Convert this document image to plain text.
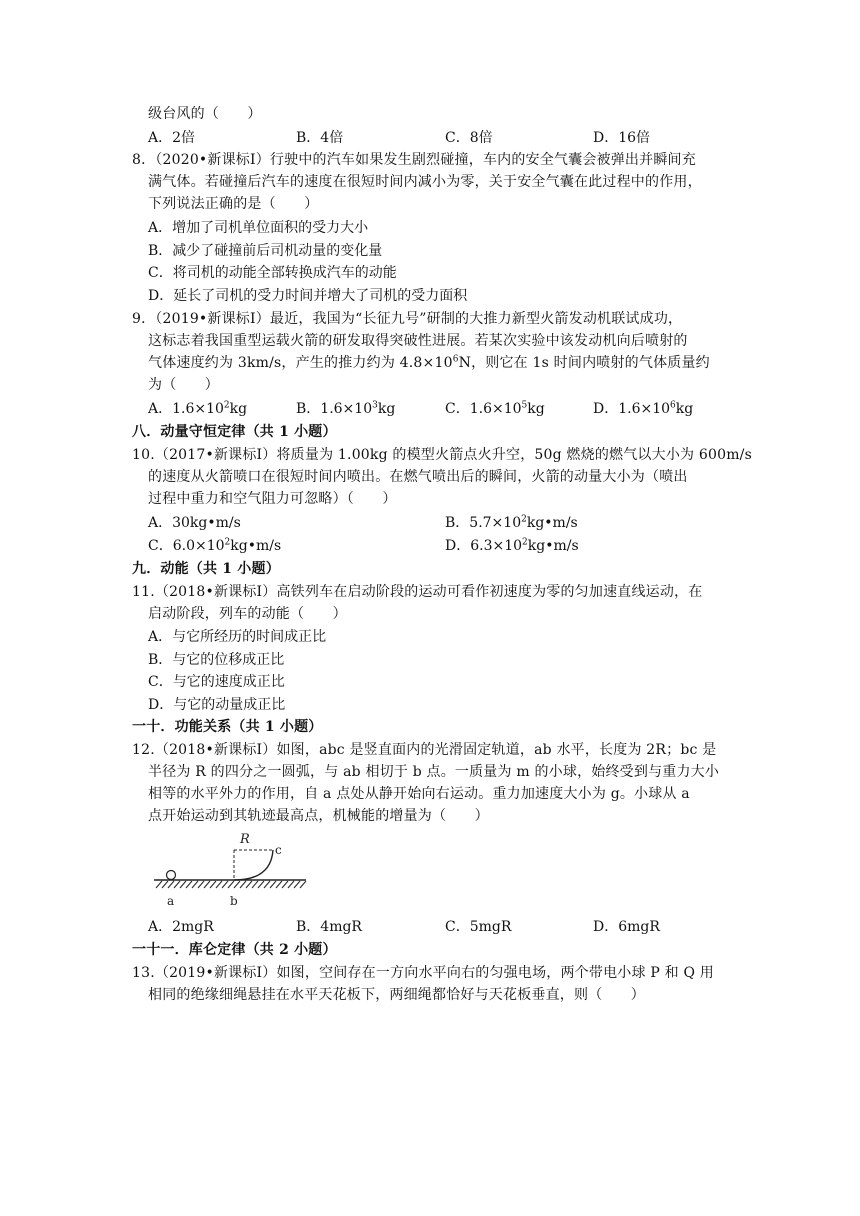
级台风的（　　）
A．2倍	B．4倍	C．8倍	D．16倍
8．（2020•新课标Ⅰ）行驶中的汽车如果发生剧烈碰撞，车内的安全气囊会被弹出并瞬间充
满气体。若碰撞后汽车的速度在很短时间内减小为零，关于安全气囊在此过程中的作用，
下列说法正确的是（　　）
A．增加了司机单位面积的受力大小
B．减少了碰撞前后司机动量的变化量
C．将司机的动能全部转换成汽车的动能
D．延长了司机的受力时间并增大了司机的受力面积
9．（2019•新课标Ⅰ）最近，我国为“长征九号”研制的大推力新型火箭发动机联试成功，
这标志着我国重型运载火箭的研发取得突破性进展。若某次实验中该发动机向后喷射的
气体速度约为 3km/s，产生的推力约为 $4.8\times 10^6N$，则它在 1s 时间内喷射的气体质量约
为（　　）
A．$1.6\times 10^2kg$	B．$1.6\times 10^3kg$	C．$1.6\times 10^5kg$	D．$1.6\times 10^6kg$
八．动量守恒定律（共 1 小题）
10.（2017•新课标Ⅰ）将质量为 1.00kg 的模型火箭点火升空，50g 燃烧的燃气以大小为 600m/s
的速度从火箭喷口在很短时间内喷出。在燃气喷出后的瞬间，火箭的动量大小为（喷出
过程中重力和空气阻力可忽略）（　　）
A．30kg•m/s	B．$5.7\times 10^2kg•m/s$
C．$6.0\times 10^2kg•m/s$	D．$6.3\times 10^2kg•m/s$
九．动能（共 1 小题）
11.（2018•新课标Ⅰ）高铁列车在启动阶段的运动可看作初速度为零的匀加速直线运动，在
启动阶段，列车的动能（　　）
A．与它所经历的时间成正比
B．与它的位移成正比
C．与它的速度成正比
D．与它的动量成正比
一十．功能关系（共 1 小题）
12.（2018•新课标Ⅰ）如图，abc 是竖直面内的光滑固定轨道，ab 水平，长度为 2R；bc 是
半径为 R 的四分之一圆弧，与 ab 相切于 b 点。一质量为 m 的小球，始终受到与重力大小
相等的水平外力的作用，自 a 点处从静开始向右运动。重力加速度大小为 g。小球从 a
点开始运动到其轨迹最高点，机械能的增量为（　　）
R
c
a	b
A．2mgR	B．4mgR	C．5mgR	D．6mgR
一十一．库仑定律（共 2 小题）
13.（2019•新课标Ⅰ）如图，空间存在一方向水平向右的匀强电场，两个带电小球 P 和 Q 用
相同的绝缘细绳悬挂在水平天花板下，两细绳都恰好与天花板垂直，则（　　）
